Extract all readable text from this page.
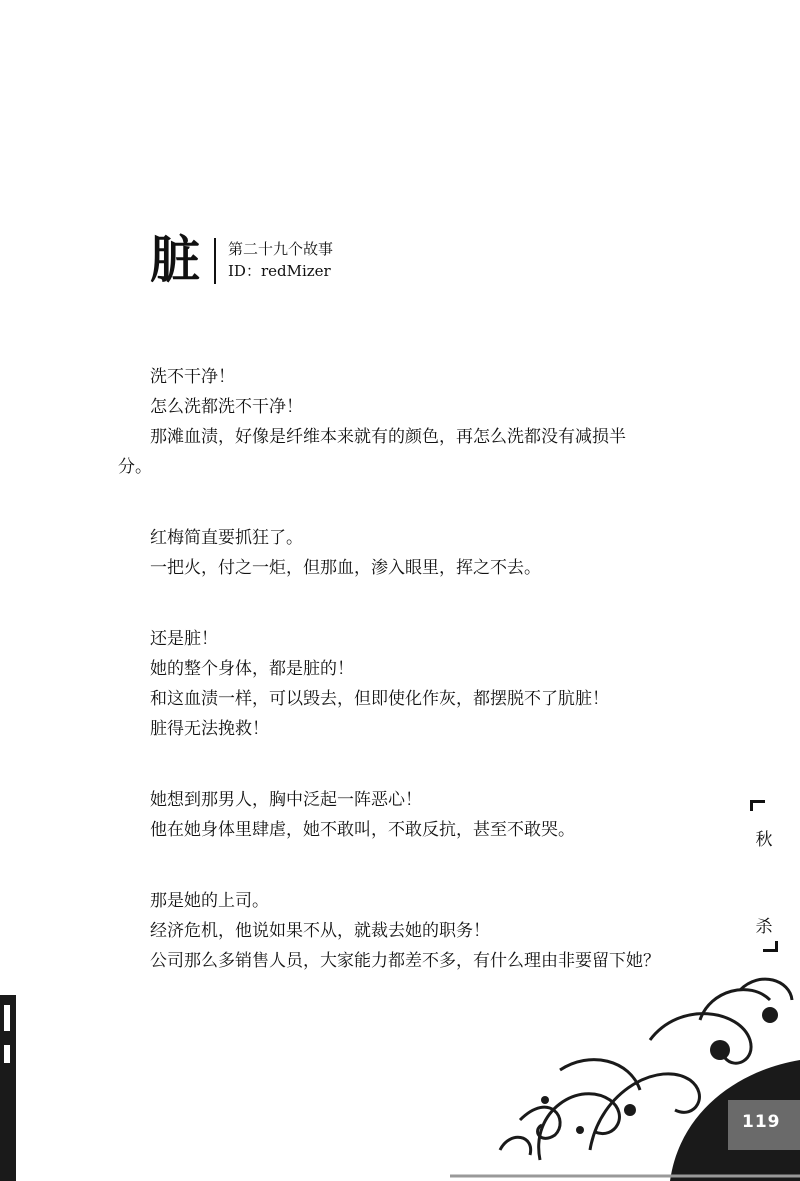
脏 第二十九个故事
ID：redMizer
洗不干净！
怎么洗都洗不干净！
那滩血渍，好像是纤维本来就有的颜色，再怎么洗都没有减损半
分。
红梅简直要抓狂了。
一把火，付之一炬，但那血，渗入眼里，挥之不去。
还是脏！
她的整个身体，都是脏的！
和这血渍一样，可以毁去，但即使化作灰，都摆脱不了肮脏！
脏得无法挽救！
她想到那男人，胸中泛起一阵恶心！
他在她身体里肆虐，她不敢叫，不敢反抗，甚至不敢哭。
那是她的上司。
经济危机，他说如果不从，就裁去她的职务！
公司那么多销售人员，大家能力都差不多，有什么理由非要留下她？
秋
杀
119
